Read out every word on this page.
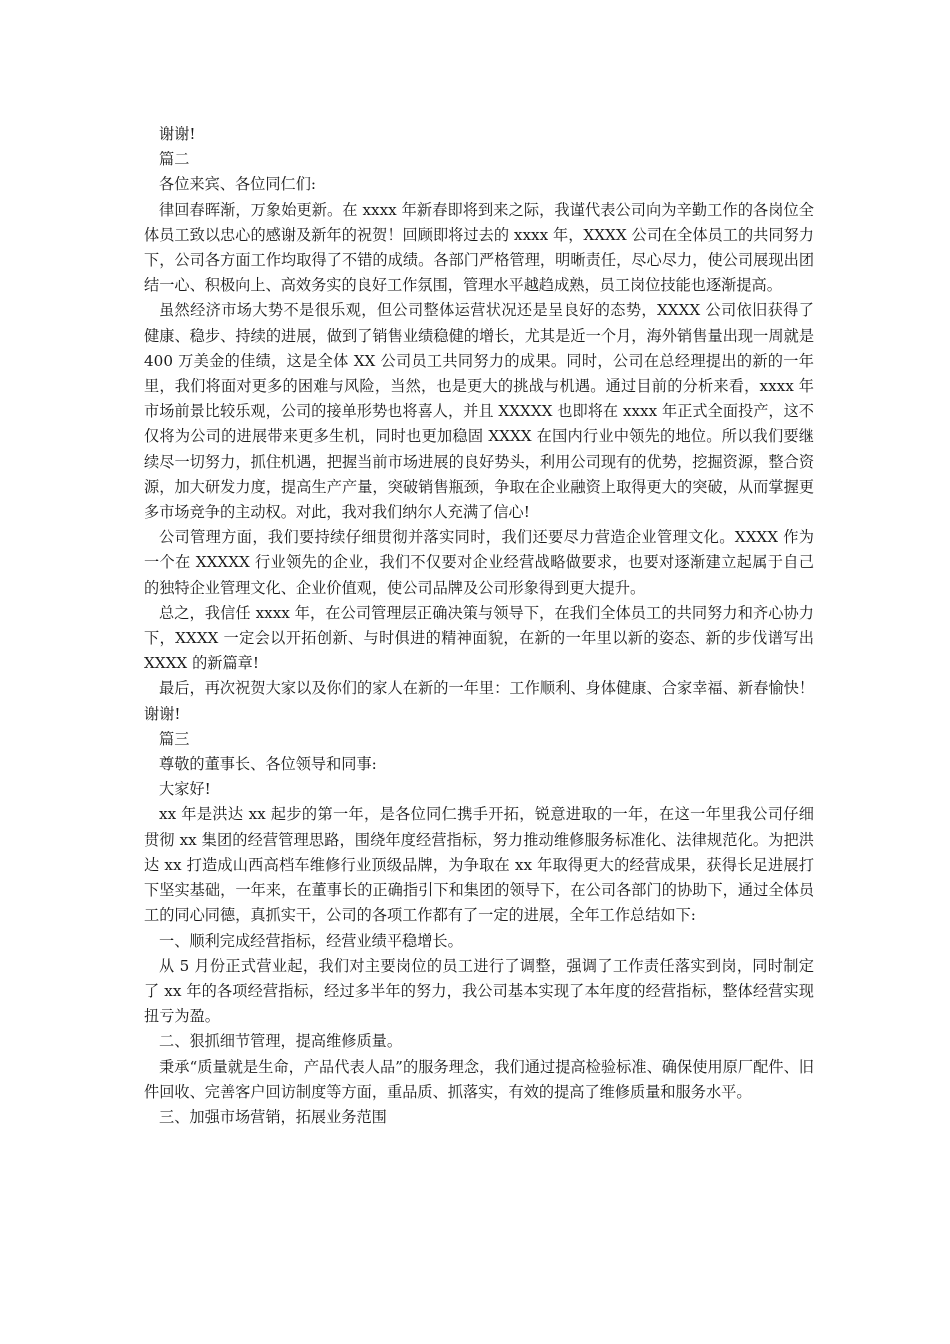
谢谢!

篇二

各位来宾、各位同仁们:

律回春晖渐，万象始更新。在 xxxx 年新春即将到来之际，我谨代表公司向为辛勤工作的各岗位全体员工致以忠心的感谢及新年的祝贺！回顾即将过去的 xxxx 年，XXXX 公司在全体员工的共同努力下，公司各方面工作均取得了不错的成绩。各部门严格管理，明晰责任，尽心尽力，使公司展现出团结一心、积极向上、高效务实的良好工作氛围，管理水平越趋成熟，员工岗位技能也逐渐提高。

虽然经济市场大势不是很乐观，但公司整体运营状况还是呈良好的态势，XXXX 公司依旧获得了健康、稳步、持续的进展，做到了销售业绩稳健的增长，尤其是近一个月，海外销售量出现一周就是 400 万美金的佳绩，这是全体 XX 公司员工共同努力的成果。同时，公司在总经理提出的新的一年里，我们将面对更多的困难与风险，当然，也是更大的挑战与机遇。通过目前的分析来看，xxxx 年市场前景比较乐观，公司的接单形势也将喜人，并且 XXXXX 也即将在 xxxx 年正式全面投产，这不仅将为公司的进展带来更多生机，同时也更加稳固 XXXX 在国内行业中领先的地位。所以我们要继续尽一切努力，抓住机遇，把握当前市场进展的良好势头，利用公司现有的优势，挖掘资源，整合资源，加大研发力度，提高生产产量，突破销售瓶颈，争取在企业融资上取得更大的突破，从而掌握更多市场竞争的主动权。对此，我对我们纳尔人充满了信心!

公司管理方面，我们要持续仔细贯彻并落实同时，我们还要尽力营造企业管理文化。XXXX 作为一个在 XXXXX 行业领先的企业，我们不仅要对企业经营战略做要求，也要对逐渐建立起属于自己的独特企业管理文化、企业价值观，使公司品牌及公司形象得到更大提升。

总之，我信任 xxxx 年，在公司管理层正确决策与领导下，在我们全体员工的共同努力和齐心协力下，XXXX 一定会以开拓创新、与时俱进的精神面貌，在新的一年里以新的姿态、新的步伐谱写出 XXXX 的新篇章!

最后，再次祝贺大家以及你们的家人在新的一年里：工作顺利、身体健康、合家幸福、新春愉快！谢谢!

篇三

尊敬的董事长、各位领导和同事:

大家好!

xx 年是洪达 xx 起步的第一年，是各位同仁携手开拓，锐意进取的一年，在这一年里我公司仔细贯彻 xx 集团的经营管理思路，围绕年度经营指标，努力推动维修服务标准化、法律规范化。为把洪达 xx 打造成山西高档车维修行业顶级品牌，为争取在 xx 年取得更大的经营成果，获得长足进展打下坚实基础，一年来，在董事长的正确指引下和集团的领导下，在公司各部门的协助下，通过全体员工的同心同德，真抓实干，公司的各项工作都有了一定的进展，全年工作总结如下:

一、顺利完成经营指标，经营业绩平稳增长。

从 5 月份正式营业起，我们对主要岗位的员工进行了调整，强调了工作责任落实到岗，同时制定了 xx 年的各项经营指标，经过多半年的努力，我公司基本实现了本年度的经营指标，整体经营实现扭亏为盈。

二、狠抓细节管理，提高维修质量。

秉承“质量就是生命，产品代表人品”的服务理念，我们通过提高检验标准、确保使用原厂配件、旧件回收、完善客户回访制度等方面，重品质、抓落实，有效的提高了维修质量和服务水平。

三、加强市场营销，拓展业务范围
